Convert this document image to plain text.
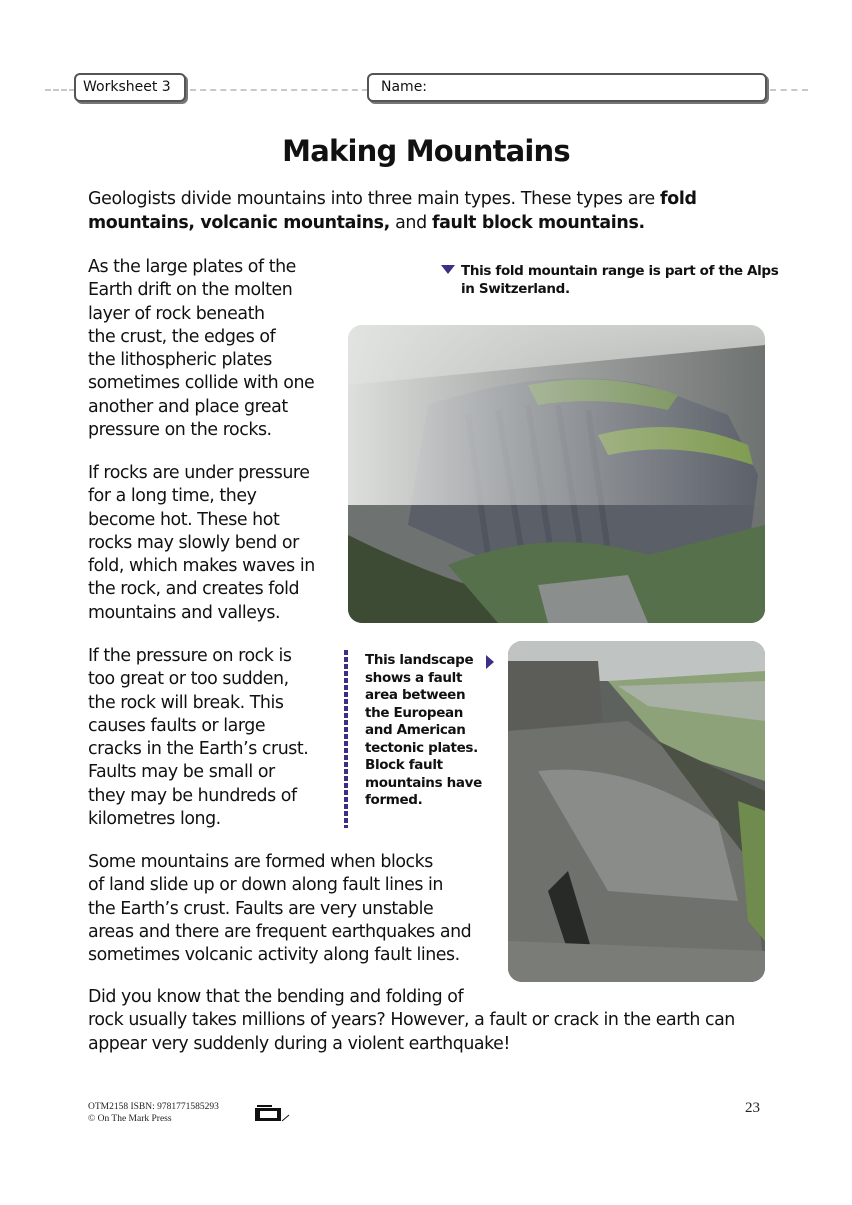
Worksheet 3	Name:
Making Mountains
Geologists divide mountains into three main types. These types are fold mountains, volcanic mountains, and fault block mountains.
As the large plates of the
Earth drift on the molten
layer of rock beneath
the crust, the edges of
the lithospheric plates
sometimes collide with one
another and place great
pressure on the rocks.
If rocks are under pressure
for a long time, they
become hot. These hot
rocks may slowly bend or
fold, which makes waves in
the rock, and creates fold
mountains and valleys.
If the pressure on rock is
too great or too sudden,
the rock will break. This
causes faults or large
cracks in the Earth’s crust.
Faults may be small or
they may be hundreds of
kilometres long.
Some mountains are formed when blocks
of land slide up or down along fault lines in
the Earth’s crust. Faults are very unstable
areas and there are frequent earthquakes and
sometimes volcanic activity along fault lines.
Did you know that the bending and folding of
rock usually takes millions of years? However, a fault or crack in the earth can
appear very suddenly during a violent earthquake!
This fold mountain range is part of the Alps
in Switzerland.
This landscape
shows a fault
area between
the European
and American
tectonic plates.
Block fault
mountains have
formed.
OTM2158 ISBN: 9781771585293
© On The Mark Press
23
